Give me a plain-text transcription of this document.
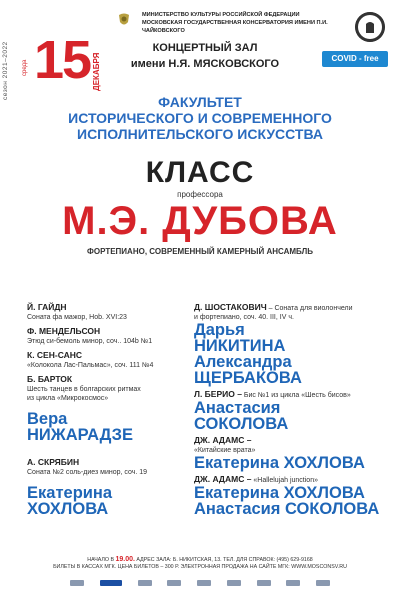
сезон 2021–2022
МИНИСТЕРСТВО КУЛЬТУРЫ РОССИЙСКОЙ ФЕДЕРАЦИИ
МОСКОВСКАЯ ГОСУДАРСТВЕННАЯ КОНСЕРВАТОРИЯ ИМЕНИ П.И. ЧАЙКОВСКОГО
среда 15 ДЕКАБРЯ
КОНЦЕРТНЫЙ ЗАЛ
имени Н.Я. МЯСКОВСКОГО	COVID - free
ФАКУЛЬТЕТ
ИСТОРИЧЕСКОГО И СОВРЕМЕННОГО
ИСПОЛНИТЕЛЬСКОГО ИСКУССТВА
КЛАСС
профессора
М.Э. ДУБОВА
ФОРТЕПИАНО, СОВРЕМЕННЫЙ КАМЕРНЫЙ АНСАМБЛЬ
Й. ГАЙДН
Соната фа мажор, Hob. XVI:23
Ф. МЕНДЕЛЬСОН
Этюд си-бемоль минор, соч.. 104b №1
К. СЕН-САНС
«Колокола Лас-Пальмас», соч. 111 №4
Б. БАРТОК
Шесть танцев в болгарских ритмах
из цикла «Микрокосмос»
Вера
НИЖАРАДЗЕ
А. СКРЯБИН
Соната №2 соль-диез минор, соч. 19
Екатерина
ХОХЛОВА
Д. ШОСТАКОВИЧ – Соната для виолончели
и фортепиано, соч. 40. III, IV ч.
Дарья
НИКИТИНА
Александра
ЩЕРБАКОВА
Л. БЕРИО – Бис №1 из цикла «Шесть бисов»
Анастасия
СОКОЛОВА
ДЖ. АДАМС –
«Китайские врата»
Екатерина ХОХЛОВА
ДЖ. АДАМС – «Hallelujah junction»
Екатерина ХОХЛОВА
Анастасия СОКОЛОВА
НАЧАЛО В 19.00. АДРЕС ЗАЛА: Б. НИКИТСКАЯ, 13. ТЕЛ. ДЛЯ СПРАВОК: (495) 629-9168
БИЛЕТЫ В КАССАХ МГК. ЦЕНА БИЛЕТОВ – 300 Р. ЭЛЕКТРОННАЯ ПРОДАЖА НА САЙТЕ МГК: WWW.MOSCONSV.RU
